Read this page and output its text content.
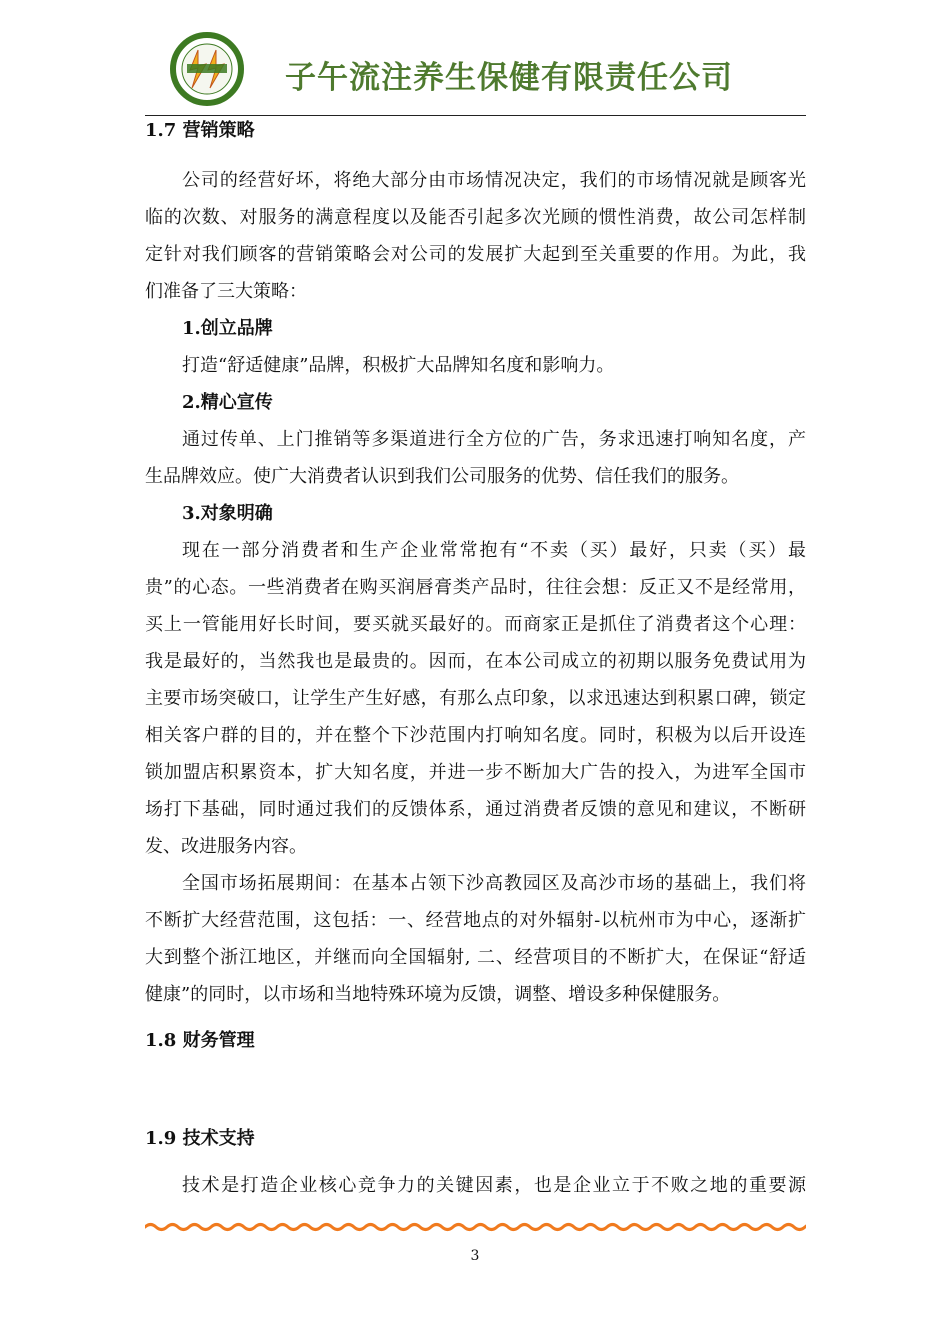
子午流注养生保健有限责任公司
1.7 营销策略
公司的经营好坏，将绝大部分由市场情况决定，我们的市场情况就是顾客光
临的次数、对服务的满意程度以及能否引起多次光顾的惯性消费，故公司怎样制
定针对我们顾客的营销策略会对公司的发展扩大起到至关重要的作用。为此，我
们准备了三大策略：
1.创立品牌
打造“舒适健康”品牌，积极扩大品牌知名度和影响力。
2.精心宣传
通过传单、上门推销等多渠道进行全方位的广告，务求迅速打响知名度，产
生品牌效应。使广大消费者认识到我们公司服务的优势、信任我们的服务。
3.对象明确
现在一部分消费者和生产企业常常抱有“不卖（买）最好，只卖（买）最
贵”的心态。一些消费者在购买润唇膏类产品时，往往会想：反正又不是经常用，
买上一管能用好长时间，要买就买最好的。而商家正是抓住了消费者这个心理：
我是最好的，当然我也是最贵的。因而，在本公司成立的初期以服务免费试用为
主要市场突破口，让学生产生好感，有那么点印象，以求迅速达到积累口碑，锁定
相关客户群的目的，并在整个下沙范围内打响知名度。同时，积极为以后开设连
锁加盟店积累资本，扩大知名度，并进一步不断加大广告的投入，为进军全国市
场打下基础，同时通过我们的反馈体系，通过消费者反馈的意见和建议，不断研
发、改进服务内容。
全国市场拓展期间：在基本占领下沙高教园区及高沙市场的基础上，我们将
不断扩大经营范围，这包括：一、经营地点的对外辐射-以杭州市为中心，逐渐扩
大到整个浙江地区，并继而向全国辐射, 二、经营项目的不断扩大，在保证“舒适
健康”的同时，以市场和当地特殊环境为反馈，调整、增设多种保健服务。
1.8 财务管理
1.9 技术支持
技术是打造企业核心竞争力的关键因素，也是企业立于不败之地的重要源
3
